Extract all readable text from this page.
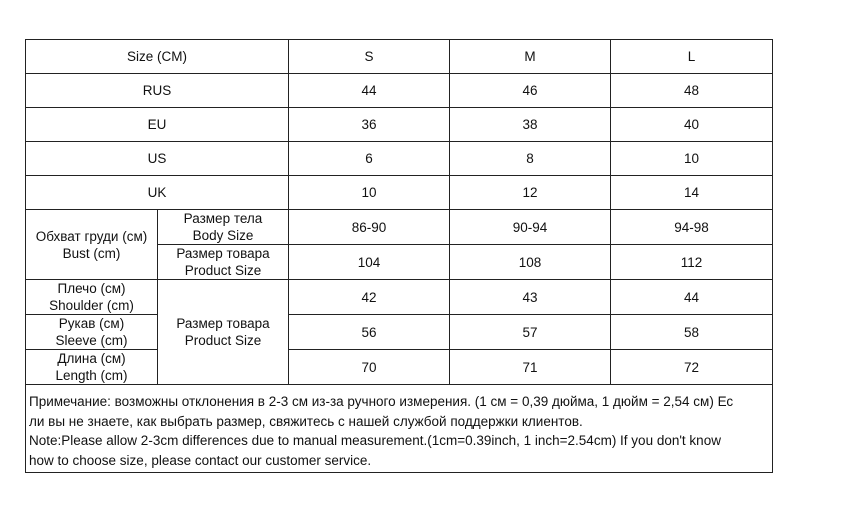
Size (CM)		S	M	L
RUS		44	46	48
EU		36	38	40
US		6	8	10
UK		10	12	14

Обхват груди (см)
Bust (cm)	Размер тела
Body Size	86-90	90-94	94-98

	Размер товара
Product Size	104	108	112

Плечо (см)
Shoulder (cm)	Размер товара
Product Size	42	43	44

Рукав (см)
Sleeve (cm)		56	57	58

Длина (см)
Length (cm)		70	71	72

Примечание: возможны отклонения в 2-3 см из-за ручного измерения. (1 см = 0,39 дюйма, 1 дюйм = 2,54 см) Ес
ли вы не знаете, как выбрать размер, свяжитесь с нашей службой поддержки клиентов.
Note:Please allow 2-3cm differences due to manual measurement.(1cm=0.39inch, 1 inch=2.54cm) If you don't know
how to choose size, please contact our customer service.				
